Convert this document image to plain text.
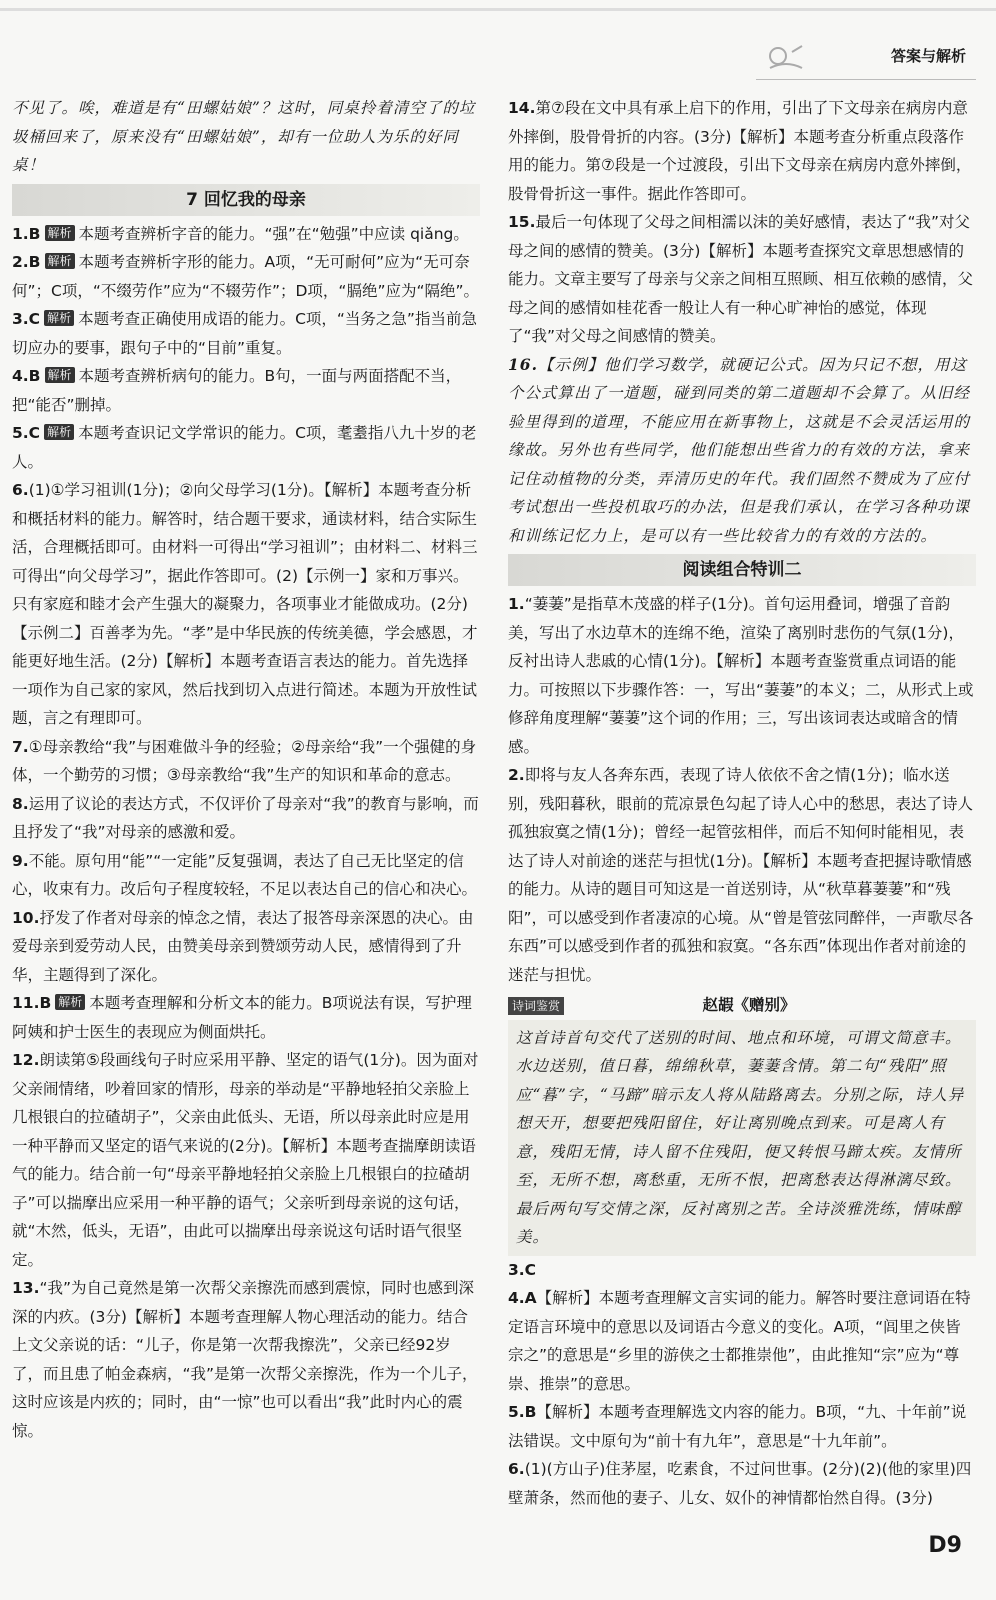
答案与解析

不见了。唉，难道是有“田螺姑娘”？这时，同桌拎着清空了的垃圾桶回来了，原来没有“田螺姑娘”，却有一位助人为乐的好同桌！

7 回忆我的母亲

1.B 解析 本题考查辨析字音的能力。“强”在“勉强”中应读 qiǎng。

2.B 解析 本题考查辨析字形的能力。A项，“无可耐何”应为“无可奈何”；C项，“不缀劳作”应为“不辍劳作”；D项，“膈绝”应为“隔绝”。

3.C 解析 本题考查正确使用成语的能力。C项，“当务之急”指当前急切应办的要事，跟句子中的“目前”重复。

4.B 解析 本题考查辨析病句的能力。B句，一面与两面搭配不当，把“能否”删掉。

5.C 解析 本题考查识记文学常识的能力。C项，耄耋指八九十岁的老人。

6.(1)①学习祖训(1分)；②向父母学习(1分)。【解析】本题考查分析和概括材料的能力。解答时，结合题干要求，通读材料，结合实际生活，合理概括即可。由材料一可得出“学习祖训”；由材料二、材料三可得出“向父母学习”，据此作答即可。(2)【示例一】家和万事兴。只有家庭和睦才会产生强大的凝聚力，各项事业才能做成功。(2分)【示例二】百善孝为先。“孝”是中华民族的传统美德，学会感恩，才能更好地生活。(2分)【解析】本题考查语言表达的能力。首先选择一项作为自己家的家风，然后找到切入点进行简述。本题为开放性试题，言之有理即可。

7.①母亲教给“我”与困难做斗争的经验；②母亲给“我”一个强健的身体，一个勤劳的习惯；③母亲教给“我”生产的知识和革命的意志。

8.运用了议论的表达方式，不仅评价了母亲对“我”的教育与影响，而且抒发了“我”对母亲的感激和爱。

9.不能。原句用“能”“一定能”反复强调，表达了自己无比坚定的信心，收束有力。改后句子程度较轻，不足以表达自己的信心和决心。

10.抒发了作者对母亲的悼念之情，表达了报答母亲深恩的决心。由爱母亲到爱劳动人民，由赞美母亲到赞颂劳动人民，感情得到了升华，主题得到了深化。

11.B 解析 本题考查理解和分析文本的能力。B项说法有误，写护理阿姨和护士医生的表现应为侧面烘托。

12.朗读第⑤段画线句子时应采用平静、坚定的语气(1分)。因为面对父亲闹情绪，吵着回家的情形，母亲的举动是“平静地轻拍父亲脸上几根银白的拉碴胡子”，父亲由此低头、无语，所以母亲此时应是用一种平静而又坚定的语气来说的(2分)。【解析】本题考查揣摩朗读语气的能力。结合前一句“母亲平静地轻拍父亲脸上几根银白的拉碴胡子”可以揣摩出应采用一种平静的语气；父亲听到母亲说的这句话，就“木然，低头，无语”，由此可以揣摩出母亲说这句话时语气很坚定。

13.“我”为自己竟然是第一次帮父亲擦洗而感到震惊，同时也感到深深的内疚。(3分)【解析】本题考查理解人物心理活动的能力。结合上文父亲说的话：“儿子，你是第一次帮我擦洗”，父亲已经92岁了，而且患了帕金森病，“我”是第一次帮父亲擦洗，作为一个儿子，这时应该是内疚的；同时，由“一惊”也可以看出“我”此时内心的震惊。

14.第⑦段在文中具有承上启下的作用，引出了下文母亲在病房内意外摔倒，股骨骨折的内容。(3分)【解析】本题考查分析重点段落作用的能力。第⑦段是一个过渡段，引出下文母亲在病房内意外摔倒，股骨骨折这一事件。据此作答即可。

15.最后一句体现了父母之间相濡以沫的美好感情，表达了“我”对父母之间的感情的赞美。(3分)【解析】本题考查探究文章思想感情的能力。文章主要写了母亲与父亲之间相互照顾、相互依赖的感情，父母之间的感情如桂花香一般让人有一种心旷神怡的感觉，体现了“我”对父母之间感情的赞美。

16.【示例】他们学习数学，就硬记公式。因为只记不想，用这个公式算出了一道题，碰到同类的第二道题却不会算了。从旧经验里得到的道理，不能应用在新事物上，这就是不会灵活运用的缘故。另外也有些同学，他们能想出些省力的有效的方法，拿来记住动植物的分类，弄清历史的年代。我们固然不赞成为了应付考试想出一些投机取巧的办法，但是我们承认，在学习各种功课和训练记忆力上，是可以有一些比较省力的有效的方法的。

阅读组合特训二

1.“萋萋”是指草木茂盛的样子(1分)。首句运用叠词，增强了音韵美，写出了水边草木的连绵不绝，渲染了离别时悲伤的气氛(1分)，反衬出诗人悲戚的心情(1分)。【解析】本题考查鉴赏重点词语的能力。可按照以下步骤作答：一，写出“萋萋”的本义；二，从形式上或修辞角度理解“萋萋”这个词的作用；三，写出该词表达或暗含的情感。

2.即将与友人各奔东西，表现了诗人依依不舍之情(1分)；临水送别，残阳暮秋，眼前的荒凉景色勾起了诗人心中的愁思，表达了诗人孤独寂寞之情(1分)；曾经一起管弦相伴，而后不知何时能相见，表达了诗人对前途的迷茫与担忧(1分)。【解析】本题考查把握诗歌情感的能力。从诗的题目可知这是一首送别诗，从“秋草暮萋萋”和“残阳”，可以感受到作者凄凉的心境。从“曾是管弦同醉伴，一声歌尽各东西”可以感受到作者的孤独和寂寞。“各东西”体现出作者对前途的迷茫与担忧。

诗词鉴赏	赵嘏《赠别》
这首诗首句交代了送别的时间、地点和环境，可谓文简意丰。水边送别，值日暮，绵绵秋草，萋萋含情。第二句“残阳”照应“暮”字，“马蹄”暗示友人将从陆路离去。分别之际，诗人异想天开，想要把残阳留住，好让离别晚点到来。可是离人有意，残阳无情，诗人留不住残阳，便又转恨马蹄太疾。友情所至，无所不想，离愁重，无所不恨，把离愁表达得淋漓尽致。最后两句写交情之深，反衬离别之苦。全诗淡雅洗练，情味醇美。

3.C

4.A【解析】本题考查理解文言实词的能力。解答时要注意词语在特定语言环境中的意思以及词语古今意义的变化。A项，“闾里之侠皆宗之”的意思是“乡里的游侠之士都推崇他”，由此推知“宗”应为“尊崇、推崇”的意思。

5.B【解析】本题考查理解选文内容的能力。B项，“九、十年前”说法错误。文中原句为“前十有九年”，意思是“十九年前”。

6.(1)(方山子)住茅屋，吃素食，不过问世事。(2分)(2)(他的家里)四壁萧条，然而他的妻子、儿女、奴仆的神情都怡然自得。(3分)

D9
